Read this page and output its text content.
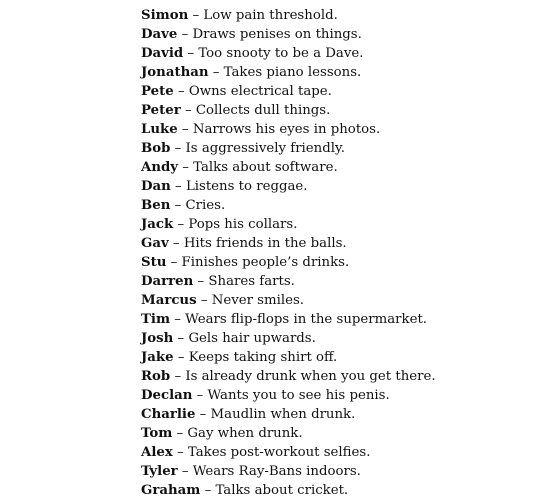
Simon – Low pain threshold.
Dave – Draws penises on things.
David – Too snooty to be a Dave.
Jonathan – Takes piano lessons.
Pete – Owns electrical tape.
Peter – Collects dull things.
Luke – Narrows his eyes in photos.
Bob – Is aggressively friendly.
Andy – Talks about software.
Dan – Listens to reggae.
Ben – Cries.
Jack – Pops his collars.
Gav – Hits friends in the balls.
Stu – Finishes people’s drinks.
Darren – Shares farts.
Marcus – Never smiles.
Tim – Wears flip-flops in the supermarket.
Josh – Gels hair upwards.
Jake – Keeps taking shirt off.
Rob – Is already drunk when you get there.
Declan – Wants you to see his penis.
Charlie – Maudlin when drunk.
Tom – Gay when drunk.
Alex – Takes post-workout selfies.
Tyler – Wears Ray-Bans indoors.
Graham – Talks about cricket.
